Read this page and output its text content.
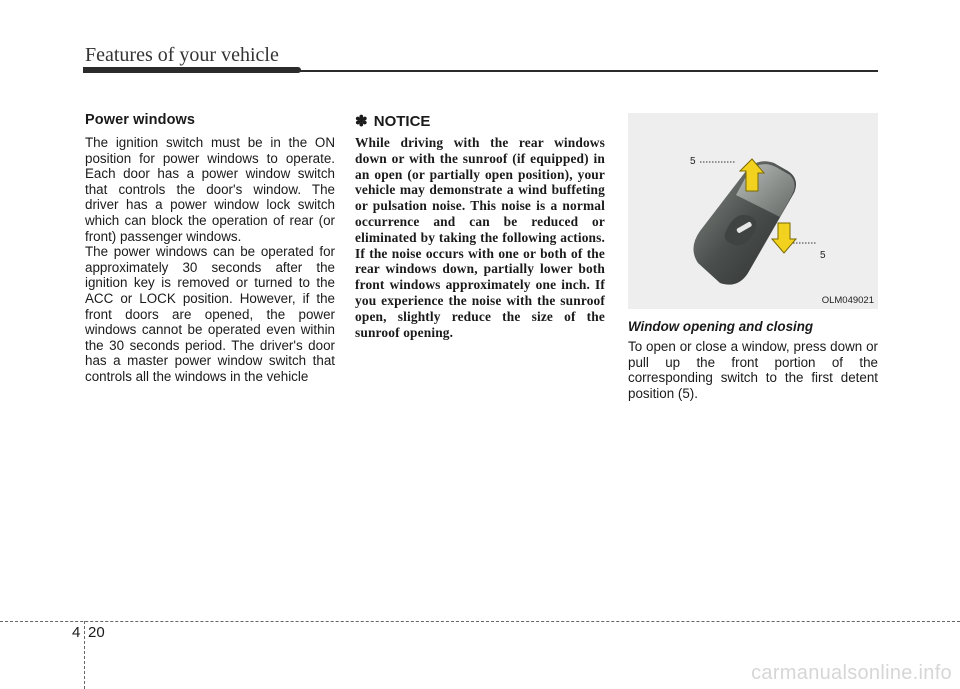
Features of your vehicle
Power windows

The ignition switch must be in the ON position for power windows to operate. Each door has a power window switch that controls the door's window. The driver has a power window lock switch which can block the operation of rear (or front) passenger windows.

The power windows can be operated for approximately 30 seconds after the ignition key is removed or turned to the ACC or LOCK position. However, if the front doors are opened, the power windows cannot be operated even within the 30 seconds period. The driver's door has a master power window switch that controls all the windows in the vehicle

✽ NOTICE

While driving with the rear windows down or with the sunroof (if equipped) in an open (or partially open position), your vehicle may demonstrate a wind buffeting or pulsation noise. This noise is a normal occurrence and can be reduced or eliminated by taking the following actions. If the noise occurs with one or both of the rear windows down, partially lower both front windows approximately one inch. If you experience the noise with the sunroof open, slightly reduce the size of the sunroof opening.

5
5
OLM049021
Window opening and closing

To open or close a window, press down or pull up the front portion of the corresponding switch to the first detent position (5).

4 20
carmanualsonline.info
